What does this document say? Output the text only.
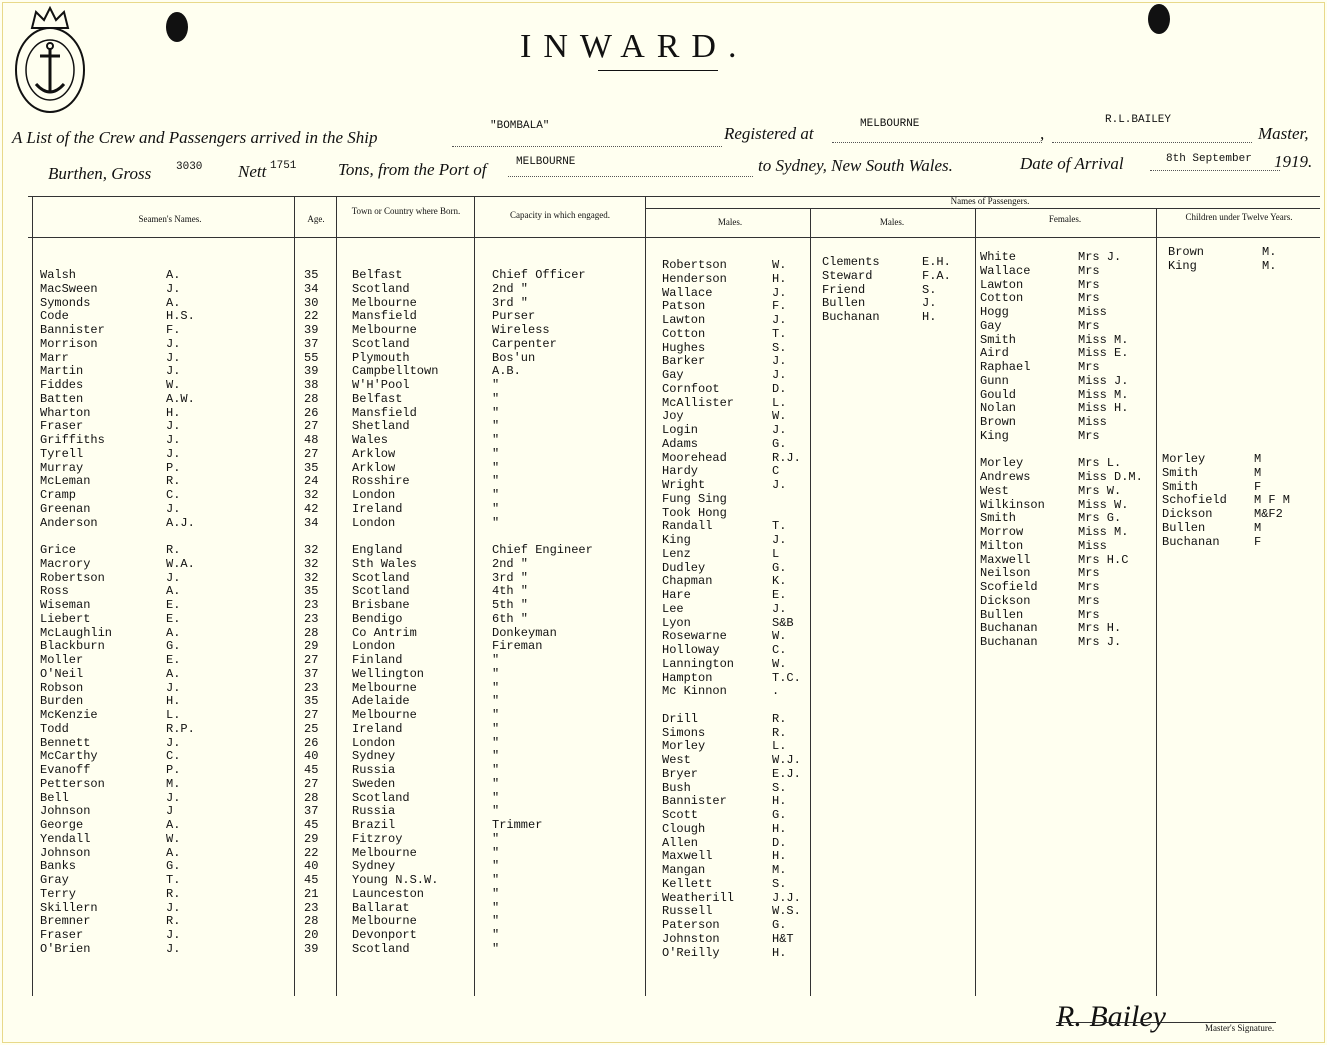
INWARD.
A List of the Crew and Passengers arrived in the Ship
"BOMBALA"	Registered at	MELBOURNE	,
R.L.BAILEY
Master,
Burthen, Gross 3030 Nett 1751 Tons, from the Port of	MELBOURNE	to Sydney, New South Wales.	Date of Arrival	8th September 1919.
Seamen's Names.	Age.
Town or Country where Born.	Capacity in which engaged.
Names of Passengers.
Males.	Males.	Females.	Children under Twelve Years.
Walsh	A.	35	Belfast	Chief Officer
MacSween	J.	34	Scotland	2nd "
Symonds	A.	30	Melbourne	3rd "
Code	H.S.	22	Mansfield	Purser
Bannister	F.	39	Melbourne	Wireless
Morrison	J.	37	Scotland	Carpenter
Marr	J.	55	Plymouth	Bos'un
Martin	J.	39	Campbelltown	A.B.
Fiddes	W.	38	W'H'Pool	"
Batten	A.W.	28	Belfast	"
Wharton	H.	26	Mansfield	"
Fraser	J.	27	Shetland	"
Griffiths	J.	48	Wales	"
Tyrell	J.	27	Arklow	"
Murray	P.	35	Arklow	"
McLeman	R.	24	Rosshire	"
Cramp	C.	32	London	"
Greenan	J.	42	Ireland	"
Anderson	A.J.	34	London	"
Grice	R.	32	England	Chief Engineer
Macrory	W.A.	32	Sth Wales	2nd "
Robertson	J.	32	Scotland	3rd "
Ross	A.	35	Scotland	4th "
Wiseman	E.	23	Brisbane	5th "
Liebert	E.	23	Bendigo	6th "
McLaughlin	A.	28	Co Antrim	Donkeyman
Blackburn	G.	29	London	Fireman
Moller	E.	27	Finland	"
O'Neil	A.	37	Wellington	"
Robson	J.	23	Melbourne	"
Burden	H.	35	Adelaide	"
McKenzie	L.	27	Melbourne	"
Todd	R.P.	25	Ireland	"
Bennett	J.	26	London	"
McCarthy	C.	40	Sydney	"
Evanoff	P.	45	Russia	"
Petterson	M.	27	Sweden	"
Bell	J.	28	Scotland	"
Johnson	J	37	Russia	"
George	A.	45	Brazil	Trimmer
Yendall	W.	29	Fitzroy	"
Johnson	A.	22	Melbourne	"
Banks	G.	40	Sydney	"
Gray	T.	45	Young N.S.W.	"
Terry	R.	21	Launceston	"
Skillern	J.	23	Ballarat	"
Bremner	R.	28	Melbourne	"
Fraser	J.	20	Devonport	"
O'Brien	J.	39	Scotland	"
Robertson	W.
Henderson	H.
Wallace	J.
Patson	F.
Lawton	J.
Cotton	T.
Hughes	S.
Barker	J.
Gay	J.
Cornfoot	D.
McAllister	L.
Joy	W.
Login	J.
Adams	G.
Moorehead	R.J.
Hardy	C
Wright	J.
Fung Sing
Took Hong
Randall	T.
King	J.
Lenz	L
Dudley	G.
Chapman	K.
Hare	E.
Lee	J.
Lyon	S&B
Rosewarne	W.
Holloway	C.
Lannington	W.
Hampton	T.C.
Mc Kinnon	.
Drill	R.
Simons	R.
Morley	L.
West	W.J.
Bryer	E.J.
Bush	S.
Bannister	H.
Scott	G.
Clough	H.
Allen	D.
Maxwell	H.
Mangan	M.
Kellett	S.
Weatherill	J.J.
Russell	W.S.
Paterson	G.
Johnston	H&T
O'Reilly	H.
Clements	E.H.
Steward	F.A.
Friend	S.
Bullen	J.
Buchanan	H.
White	Mrs J.
Wallace	Mrs
Lawton	Mrs
Cotton	Mrs
Hogg	Miss
Gay	Mrs
Smith	Miss M.
Aird	Miss E.
Raphael	Mrs
Gunn	Miss J.
Gould	Miss M.
Nolan	Miss H.
Brown	Miss
King	Mrs
Morley	Mrs L.
Andrews	Miss D.M.
West	Mrs W.
Wilkinson	Miss W.
Smith	Mrs G.
Morrow	Miss M.
Milton	Miss
Maxwell	Mrs H.C
Neilson	Mrs
Scofield	Mrs
Dickson	Mrs
Bullen	Mrs
Buchanan	Mrs H.
Buchanan	Mrs J.
Brown	M.
King	M.
Morley	M
Smith	M
Smith	F
Schofield M F M
Dickson	M&F2
Bullen	M
Buchanan	F
R. Bailey	Master's Signature.
